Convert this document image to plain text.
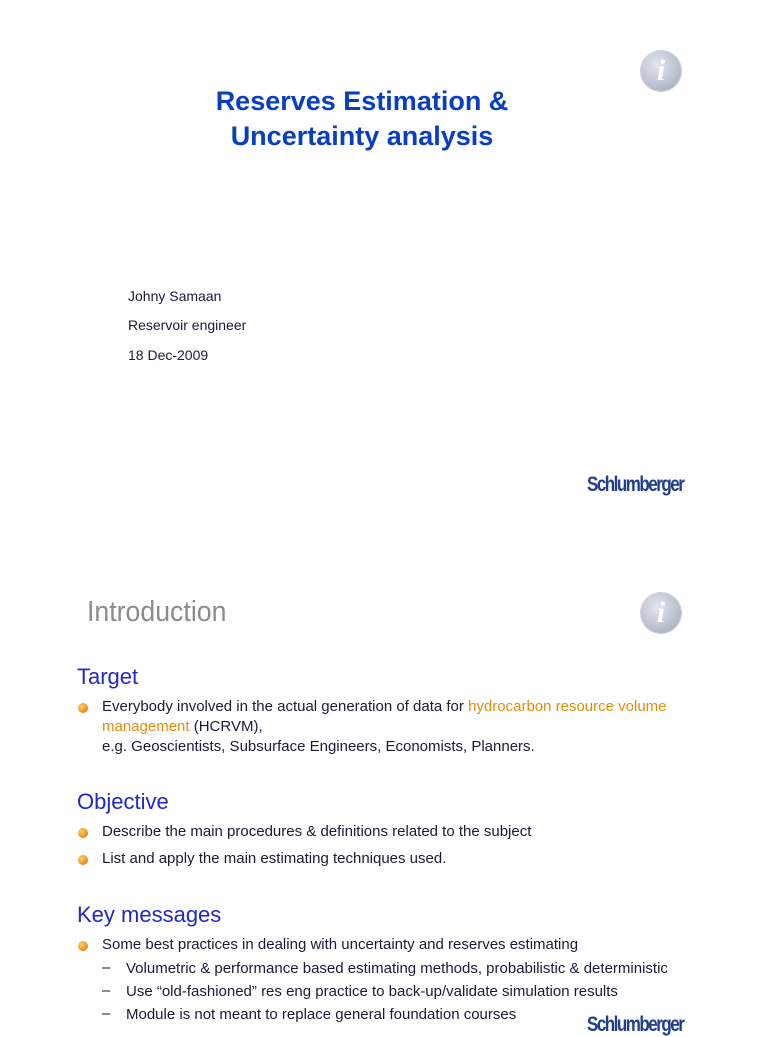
i
Reserves Estimation &
Uncertainty analysis
Johny Samaan
Reservoir engineer
18 Dec-2009
Schlumberger
Introduction	i
Target
Everybody involved in the actual generation of data for hydrocarbon resource volume management (HCRVM),
e.g. Geoscientists, Subsurface Engineers, Economists, Planners.
Objective
Describe the main procedures & definitions related to the subject
List and apply the main estimating techniques used.
Key messages
Some best practices in dealing with uncertainty and reserves estimating
– Volumetric & performance based estimating methods, probabilistic & deterministic
– Use “old-fashioned” res eng practice to back-up/validate simulation results
– Module is not meant to replace general foundation courses	Schlumberger
